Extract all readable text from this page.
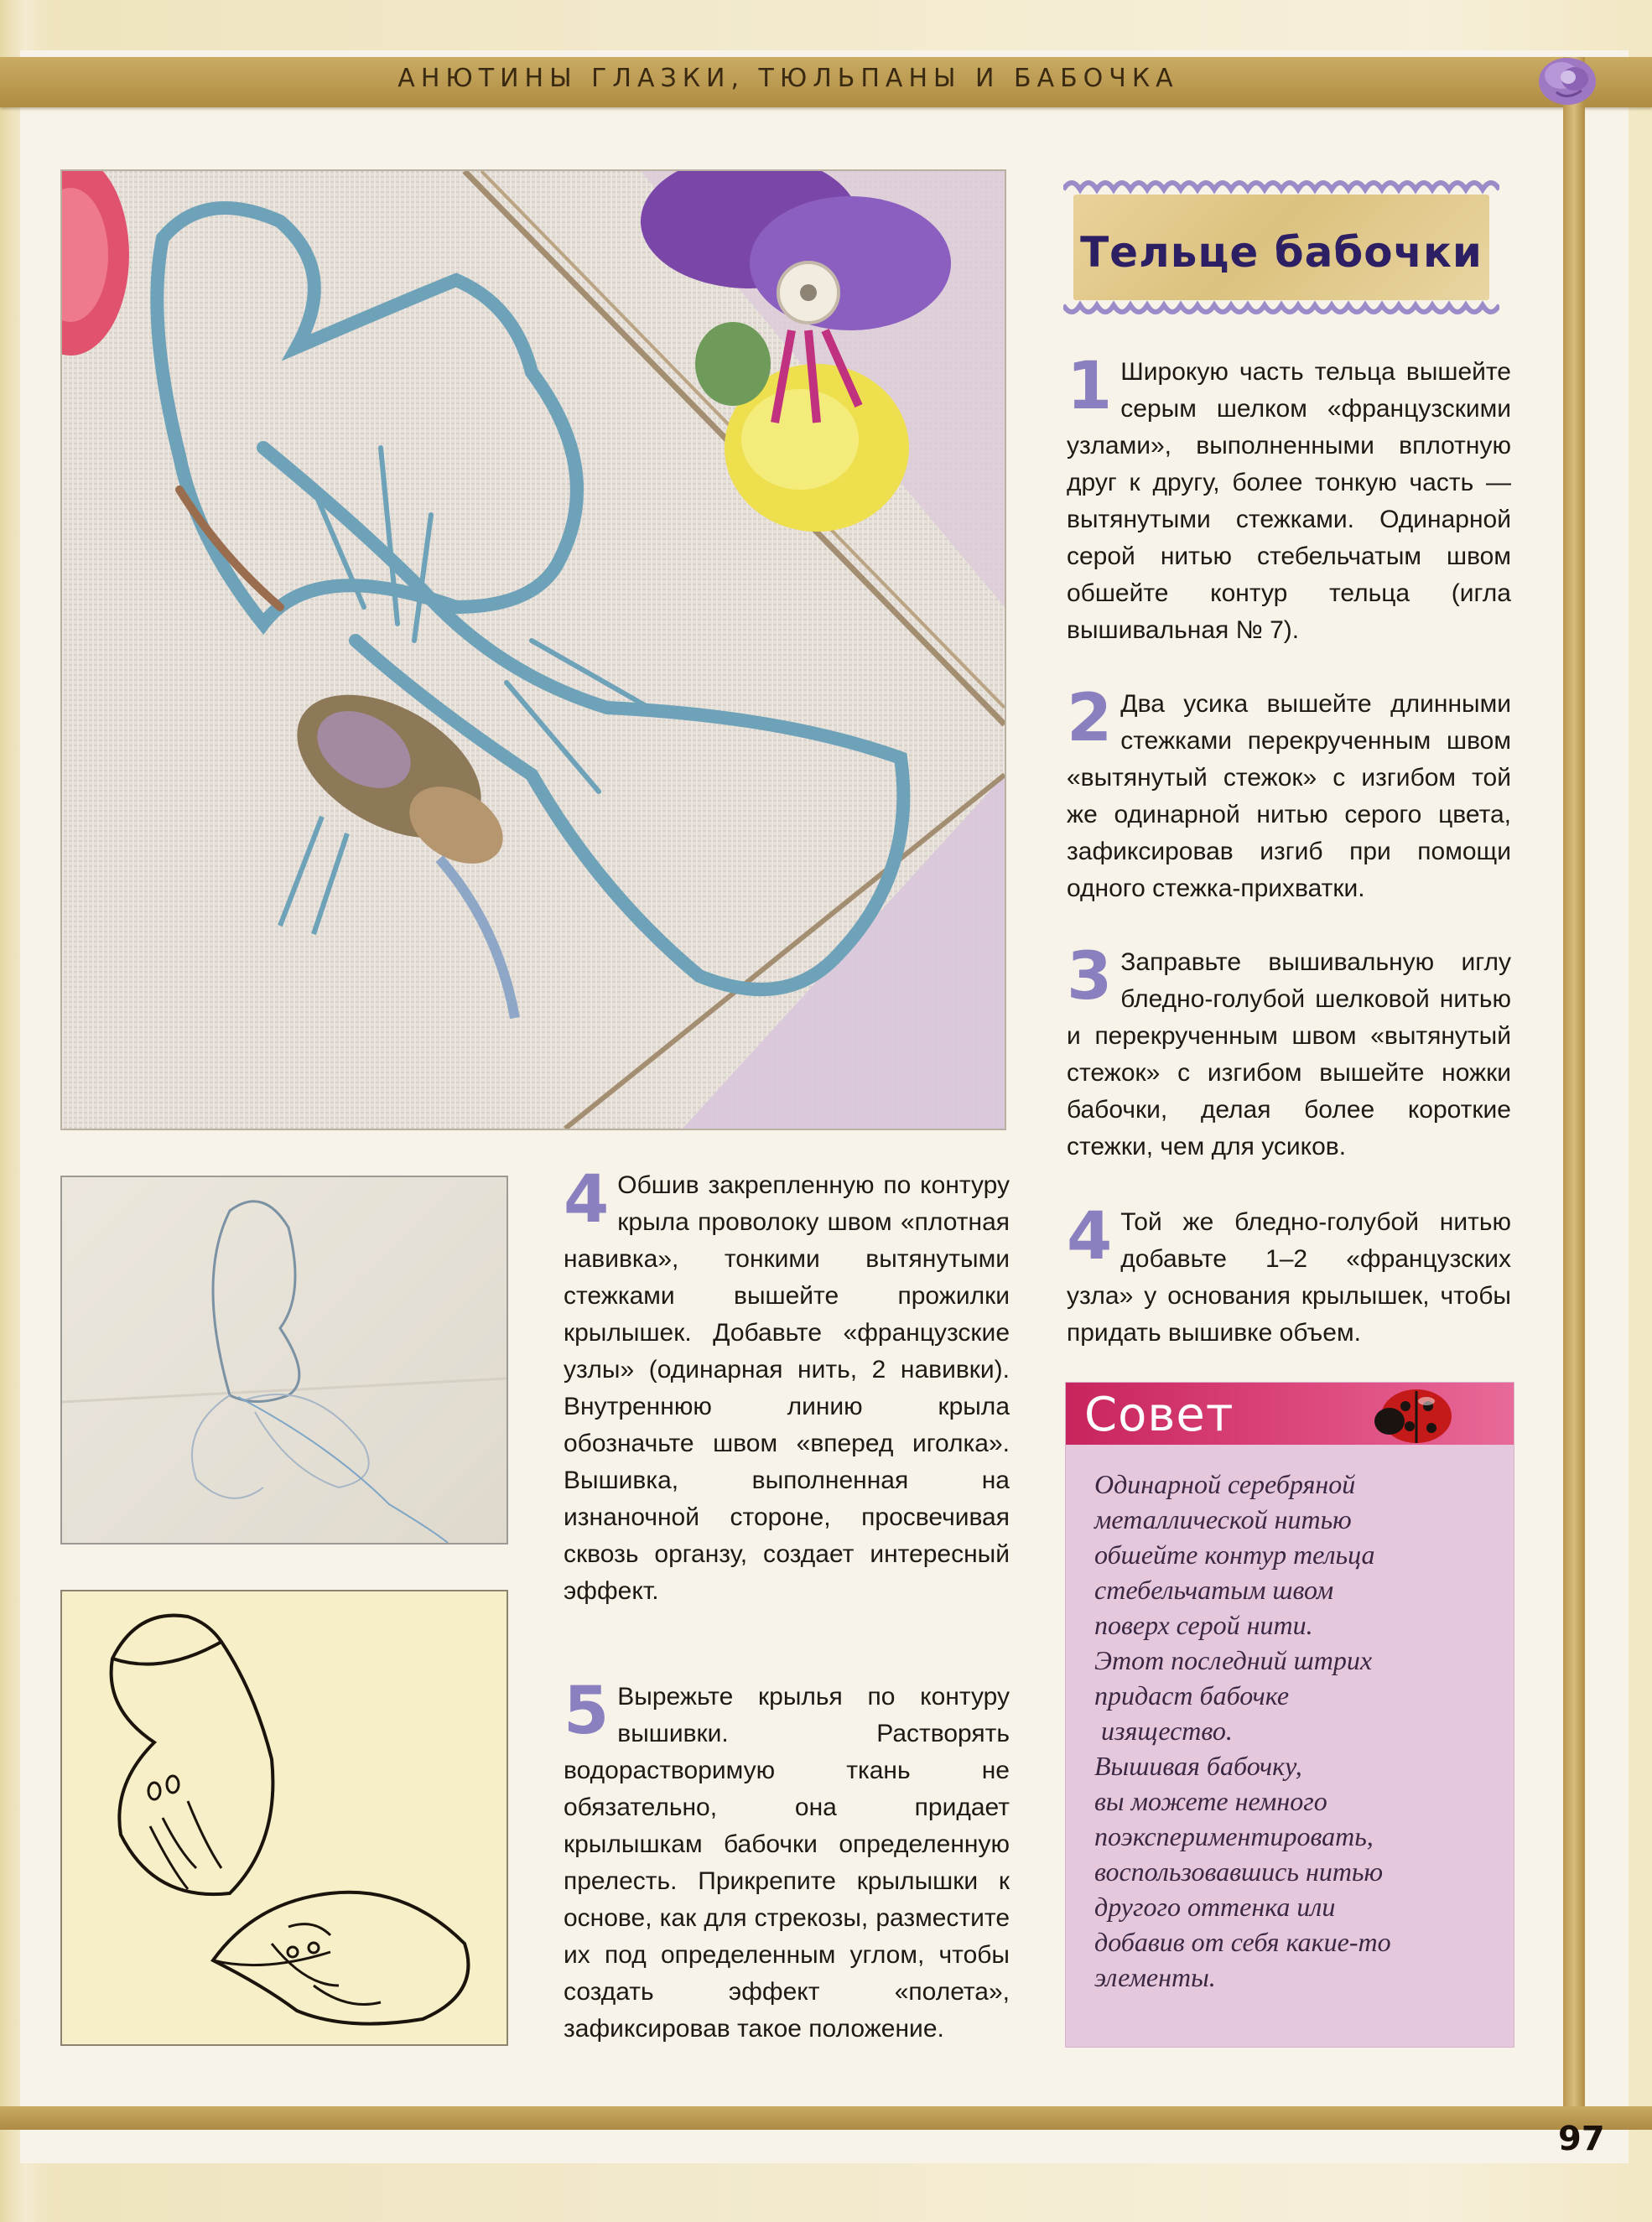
АНЮТИНЫ ГЛАЗКИ, ТЮЛЬПАНЫ И БАБОЧКА
Тельце бабочки
1 Широкую часть тельца вышейте серым шелком «французскими узлами», выполненными вплотную друг к другу, более тонкую часть — вытянутыми стежками. Одинарной серой нитью стебельчатым швом обшейте контур тельца (игла вышивальная № 7).
2 Два усика вышейте длинными стежками перекрученным швом «вытянутый стежок» с изгибом той же одинарной нитью серого цвета, зафиксировав изгиб при помощи одного стежка-прихватки.
3 Заправьте вышивальную иглу бледно-голубой шелковой нитью и перекрученным швом «вытянутый стежок» с изгибом вышейте ножки бабочки, делая более короткие стежки, чем для усиков.
4 Той же бледно-голубой нитью добавьте 1–2 «французских узла» у основания крылышек, чтобы придать вышивке объем.
4 Обшив закрепленную по контуру крыла проволоку швом «плотная навивка», тонкими вытянутыми стежками вышейте прожилки крылышек. Добавьте «французские узлы» (одинарная нить, 2 навивки). Внутреннюю линию крыла обозначьте швом «вперед иголка». Вышивка, выполненная на изнаночной стороне, просвечивая сквозь органзу, создает интересный эффект.
5 Вырежьте крылья по контуру вышивки. Растворять водорастворимую ткань не обязательно, она придает крылышкам бабочки определенную прелесть. Прикрепите крылышки к основе, как для стрекозы, разместите их под определенным углом, чтобы создать эффект «полета», зафиксировав такое положение.
Совет

Одинарной серебряной

металлической нитью

обшейте контур тельца

стебельчатым швом

поверх серой нити.

Этот последний штрих

придаст бабочке

изящество.

Вышивая бабочку,

вы можете немного

поэкспериментировать,

воспользовавшись нитью

другого оттенка или

добавив от себя какие-то

элементы.

97
